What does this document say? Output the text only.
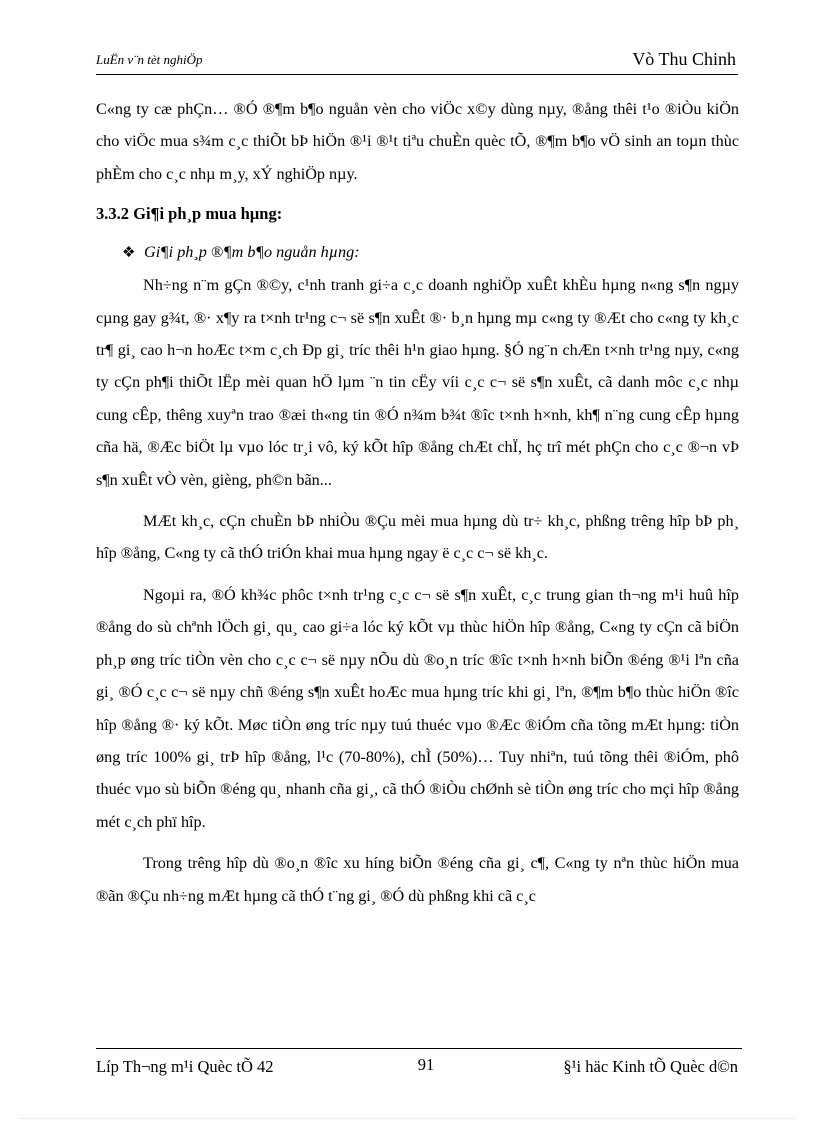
LuËn v¨n tèt nghiÖp	Vò Thu Chinh

C«ng ty cæ phÇn… ®Ó ®¶m b¶o nguån vèn cho viÖc x©y dùng nµy, ®ång thêi t¹o ®iÒu kiÖn cho viÖc mua s¾m c¸c thiÕt bÞ hiÖn ®¹i ®¹t tiªu chuÈn quèc tÕ, ®¶m b¶o vÖ sinh an toµn thùc phÈm cho c¸c nhµ m¸y, xÝ nghiÖp nµy.

3.3.2 Gi¶i ph¸p mua hµng:

❖ Gi¶i ph¸p ®¶m b¶o nguån hµng:

Nh÷ng n¨m gÇn ®©y, c¹nh tranh gi÷a c¸c doanh nghiÖp xuÊt khÈu hµng n«ng s¶n ngµy cµng gay g¾t, ®· x¶y ra t×nh tr¹ng c¬ së s¶n xuÊt ®· b¸n hµng mµ c«ng ty ®Æt cho c«ng ty kh¸c tr¶ gi¸ cao h¬n hoÆc t×m c¸ch Ðp gi¸ tríc thêi h¹n giao hµng. §Ó ng¨n chÆn t×nh tr¹ng nµy, c«ng ty cÇn ph¶i thiÕt lËp mèi quan hÖ lµm ¨n tin cËy víi c¸c c¬ së s¶n xuÊt, cã danh môc c¸c nhµ cung cÊp, thêng xuyªn trao ®æi th«ng tin ®Ó n¾m b¾t ®îc t×nh h×nh, kh¶ n¨ng cung cÊp hµng cña hä, ®Æc biÖt lµ vµo lóc tr¸i vô, ký kÕt hîp ®ång chÆt chÏ, hç trî mét phÇn cho c¸c ®¬n vÞ s¶n xuÊt vÒ vèn, gièng, ph©n bãn...

MÆt kh¸c, cÇn chuÈn bÞ nhiÒu ®Çu mèi mua hµng dù tr÷ kh¸c, phßng trêng hîp bÞ ph¸ hîp ®ång, C«ng ty cã thÓ triÓn khai mua hµng ngay ë c¸c c¬ së kh¸c.

Ngoµi ra, ®Ó kh¾c phôc t×nh tr¹ng c¸c c¬ së s¶n xuÊt, c¸c trung gian th¬ng m¹i huû hîp ®ång do sù chªnh lÖch gi¸ qu¸ cao gi÷a lóc ký kÕt vµ thùc hiÖn hîp ®ång, C«ng ty cÇn cã biÖn ph¸p øng tríc tiÒn vèn cho c¸c c¬ së nµy nÕu dù ®o¸n tríc ®îc t×nh h×nh biÕn ®éng ®¹i lªn cña gi¸ ®Ó c¸c c¬ së nµy chñ ®éng s¶n xuÊt hoÆc mua hµng tríc khi gi¸ lªn, ®¶m b¶o thùc hiÖn ®îc hîp ®ång ®· ký kÕt. Møc tiÒn øng tríc nµy tuú thuéc vµo ®Æc ®iÓm cña tõng mÆt hµng: tiÒn øng tríc 100% gi¸ trÞ hîp ®ång, l¹c (70-80%), chÌ (50%)… Tuy nhiªn, tuú tõng thêi ®iÓm, phô thuéc vµo sù biÕn ®éng qu¸ nhanh cña gi¸, cã thÓ ®iÒu chØnh sè tiÒn øng tríc cho mçi hîp ®ång mét c¸ch phï hîp.

Trong trêng hîp dù ®o¸n ®îc xu híng biÕn ®éng cña gi¸ c¶, C«ng ty nªn thùc hiÖn mua ®ãn ®Çu nh÷ng mÆt hµng cã thÓ t¨ng gi¸ ®Ó dù phßng khi cã c¸c

Líp Th¬ng m¹i Quèc tÕ 42	91	§¹i häc Kinh tÕ Quèc d©n
